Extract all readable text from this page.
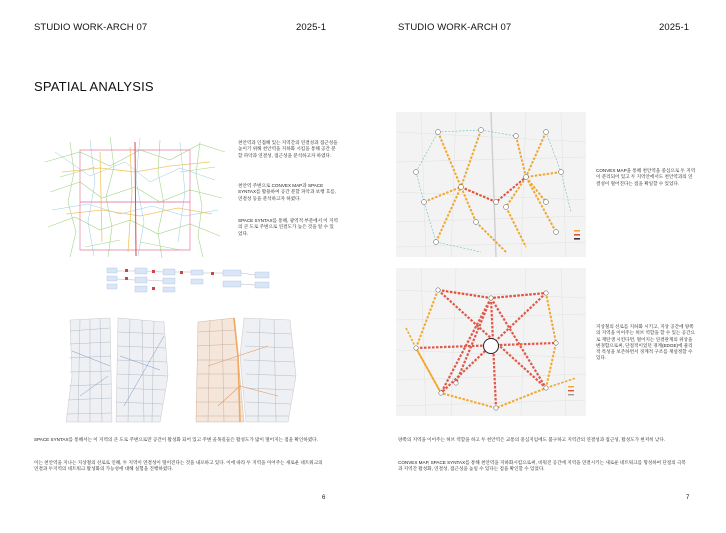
STUDIO WORK-ARCH 07	2025-1
SPATIAL ANALYSIS
천안역과 인접해 있는 지역간의 연결성과 접근성을 높이기 위해 천안역을 지하화 시킴을 통해 공간 분할 파악과 연결성, 접근성을 분석하고자 하였다.
천안역 주변으로 CONVEX MAP과 SPACE SYNTAX를 활용하여 공간 분할 파악과 보행 흐름, 연결성 등을 분석하고자 하였다.
SPACE SYNTAX를 통해, 광역적 부분에서 이 지역의 큰 도로 주변으로 연결도가 높은 것을 알 수 있었다.
SPACE SYNTAX를 통해서는 이 지역의 큰 도로 주변으로만 공간이 활성화 되어 있고 주변 골목길들은 활성도가 많이 떨어지는 점을 확인하였다.
이는 천안역을 지나는 지상철의 선로로 인해, 두 지역이 연결성이 떨어진다는 것을 내포하고 있다. 이에 따라 두 지역을 이어주는 새로운 네트워크의 연결과 두지역의 네트워크 활성화의 가능성에 대해 실험을 진행하였다.
6
STUDIO WORK-ARCH 07	2025-1
CONVEX MAP을 통해 천안역을 중심으로 두 지역이 분리되어 있고 두 지역안에서도 천안역과의 연결성이 떨어진다는 점을 확일할 수 있었다.
지상철의 선로를 지하화 시키고, 지상 공간에 양쪽의 지역을 이어주는 허브 역할을 할 수 있는 공간으로 재탄생 시킨다면, 떨어지는 연결관계의 위상을 변경함으로써, 단절적이었던 경계(EDGE)에 물리적 특성을 보존하면서 경계적 구조를 재설정할 수 있다.
양쪽의 지역을 이어주는 허브 역할을 하고 두 천안역은 교통의 중심지임에도 불구하고 지역간의 연결성과 접근성, 활성도가 현저히 낮다.
CONVEX MAP, SPACE SYNTAX를 통해 천안역을 지하화시킴으로써, 비워진 공간에 지역을 연결시키는 새로운 네트워크를 형성하여 단절의 극복과 지역간 활성화, 연결성, 접근성을 높일 수 있다는 점을 확인할 수 있었다.
7
